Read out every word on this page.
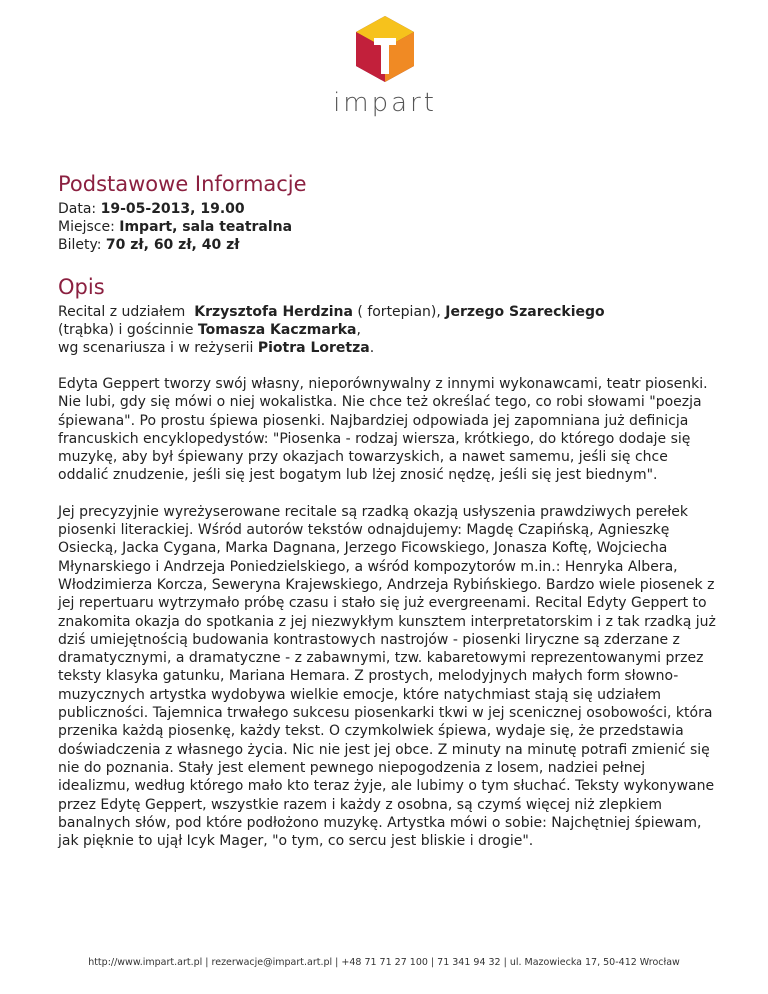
impart
Podstawowe Informacje

Data: 19-05-2013, 19.00

Miejsce: Impart, sala teatralna

Bilety: 70 zł, 60 zł, 40 zł

Opis

Recital z udziałem  Krzysztofa Herdzina ( fortepian), Jerzego Szareckiego

(trąbka) i gościnnie Tomasza Kaczmarka,

wg scenariusza i w reżyserii Piotra Loretza.

Edyta Geppert tworzy swój własny, nieporównywalny z innymi wykonawcami, teatr piosenki. Nie lubi, gdy się mówi o niej wokalistka. Nie chce też określać tego, co robi słowami "poezja śpiewana". Po prostu śpiewa piosenki. Najbardziej odpowiada jej zapomniana już definicja francuskich encyklopedystów: "Piosenka - rodzaj wiersza, krótkiego, do którego dodaje się muzykę, aby był śpiewany przy okazjach towarzyskich, a nawet samemu, jeśli się chce oddalić znudzenie, jeśli się jest bogatym lub lżej znosić nędzę, jeśli się jest biednym".

Jej precyzyjnie wyreżyserowane recitale są rzadką okazją usłyszenia prawdziwych perełek piosenki literackiej. Wśród autorów tekstów odnajdujemy: Magdę Czapińską, Agnieszkę Osiecką, Jacka Cygana, Marka Dagnana, Jerzego Ficowskiego, Jonasza Koftę, Wojciecha Młynarskiego i Andrzeja Poniedzielskiego, a wśród kompozytorów m.in.: Henryka Albera, Włodzimierza Korcza, Seweryna Krajewskiego, Andrzeja Rybińskiego. Bardzo wiele piosenek z jej repertuaru wytrzymało próbę czasu i stało się już evergreenami. Recital Edyty Geppert to znakomita okazja do spotkania z jej niezwykłym kunsztem interpretatorskim i z tak rzadką już dziś umiejętnością budowania kontrastowych nastrojów - piosenki liryczne są zderzane z dramatycznymi, a dramatyczne - z zabawnymi, tzw. kabaretowymi reprezentowanymi przez teksty klasyka gatunku, Mariana Hemara. Z prostych, melodyjnych małych form słowno-muzycznych artystka wydobywa wielkie emocje, które natychmiast stają się udziałem publiczności. Tajemnica trwałego sukcesu piosenkarki tkwi w jej scenicznej osobowości, która przenika każdą piosenkę, każdy tekst. O czymkolwiek śpiewa, wydaje się, że przedstawia doświadczenia z własnego życia. Nic nie jest jej obce. Z minuty na minutę potrafi zmienić się nie do poznania. Stały jest element pewnego niepogodzenia z losem, nadziei pełnej idealizmu, według którego mało kto teraz żyje, ale lubimy o tym słuchać. Teksty wykonywane przez Edytę Geppert, wszystkie razem i każdy z osobna, są czymś więcej niż zlepkiem banalnych słów, pod które podłożono muzykę. Artystka mówi o sobie: Najchętniej śpiewam, jak pięknie to ujął Icyk Mager, "o tym, co sercu jest bliskie i drogie".

http://www.impart.art.pl | rezerwacje@impart.art.pl | +48 71 71 27 100 | 71 341 94 32 | ul. Mazowiecka 17, 50-412 Wrocław
